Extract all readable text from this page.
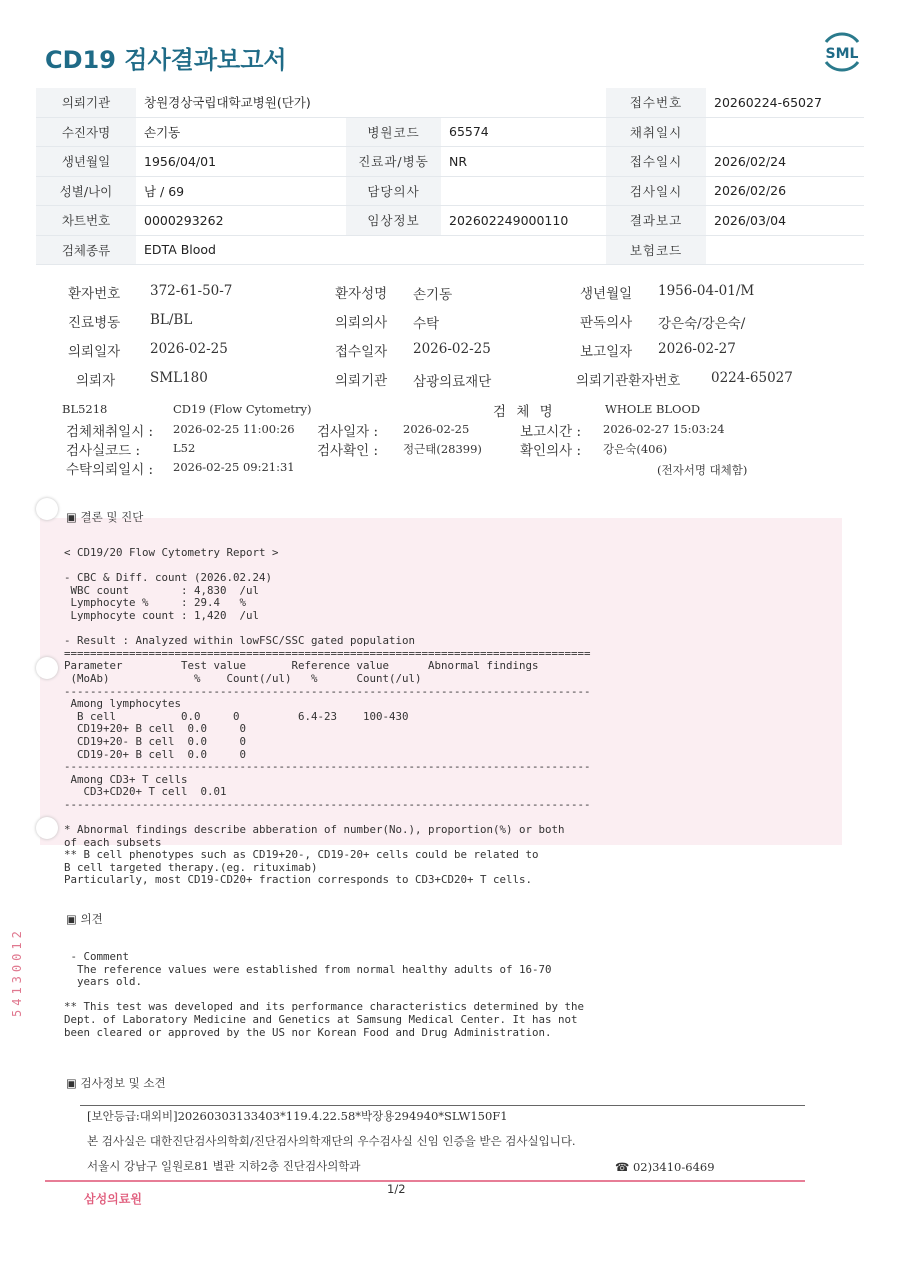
CD19 검사결과보고서	SML
의뢰기관	창원경상국립대학교병원(단가)			접수번호	20260224-65027
수진자명	손기동	병원코드	65574	채취일시	
생년월일	1956/04/01	진료과/병동	NR	접수일시	2026/02/24
성별/나이	남 / 69	담당의사		검사일시	2026/02/26
차트번호	0000293262	임상정보	202602249000110	결과보고	2026/03/04
검체종류	EDTA Blood			보험코드	
환자번호 372-61-50-7	환자성명 손기동	생년월일 1956-04-01/M
진료병동 BL/BL	의뢰의사 수탁	판독의사 강은숙/강은숙/
의뢰일자 2026-02-25	접수일자 2026-02-25	보고일자 2026-02-27
의뢰자	SML180	의뢰기관 삼광의료재단	의뢰기관환자번호 0224-65027
BL5218	CD19 (Flow Cytometry)	검 체 명	WHOLE BLOOD
검체채취일시 : 2026-02-25 11:00:26 검사일자 : 2026-02-25	보고시간 : 2026-02-27 15:03:24
검사실코드 :	L52	검사확인 : 정근태(28399)	확인의사 : 강은숙(406)
수탁의뢰일시 : 2026-02-25 09:21:31	(전자서명 대체함)
▣ 결론 및 진단
< CD19/20 Flow Cytometry Report >

- CBC & Diff. count (2026.02.24)
WBC count        : 4,830  /ul
Lymphocyte %     : 29.4   %
Lymphocyte count : 1,420  /ul

- Result : Analyzed within lowFSC/SSC gated population
=================================================================================
Parameter         Test value       Reference value      Abnormal findings
(MoAb)             %    Count(/ul)   %      Count(/ul)
---------------------------------------------------------------------------------
Among lymphocytes
B cell          0.0     0         6.4-23    100-430
CD19+20+ B cell  0.0     0
CD19+20- B cell  0.0     0
CD19-20+ B cell  0.0     0
---------------------------------------------------------------------------------
Among CD3+ T cells
CD3+CD20+ T cell  0.01
---------------------------------------------------------------------------------

* Abnormal findings describe abberation of number(No.), proportion(%) or both
of each subsets
** B cell phenotypes such as CD19+20-, CD19-20+ cells could be related to
B cell targeted therapy.(eg. rituximab)
Particularly, most CD19-CD20+ fraction corresponds to CD3+CD20+ T cells.
▣ 의견
- Comment
The reference values were established from normal healthy adults of 16-70
years old.

** This test was developed and its performance characteristics determined by the
Dept. of Laboratory Medicine and Genetics at Samsung Medical Center. It has not
been cleared or approved by the US nor Korean Food and Drug Administration.
▣ 검사정보 및 소견
[보안등급:대외비]20260303133403*119.4.22.58*박장용294940*SLW150F1
본 검사실은 대한진단검사의학회/진단검사의학재단의 우수검사실 신임 인증을 받은 검사실입니다.
서울시 강남구 일원로81 별관 지하2층 진단검사의학과	☎ 02)3410-6469
1/2
삼성의료원
54130012
